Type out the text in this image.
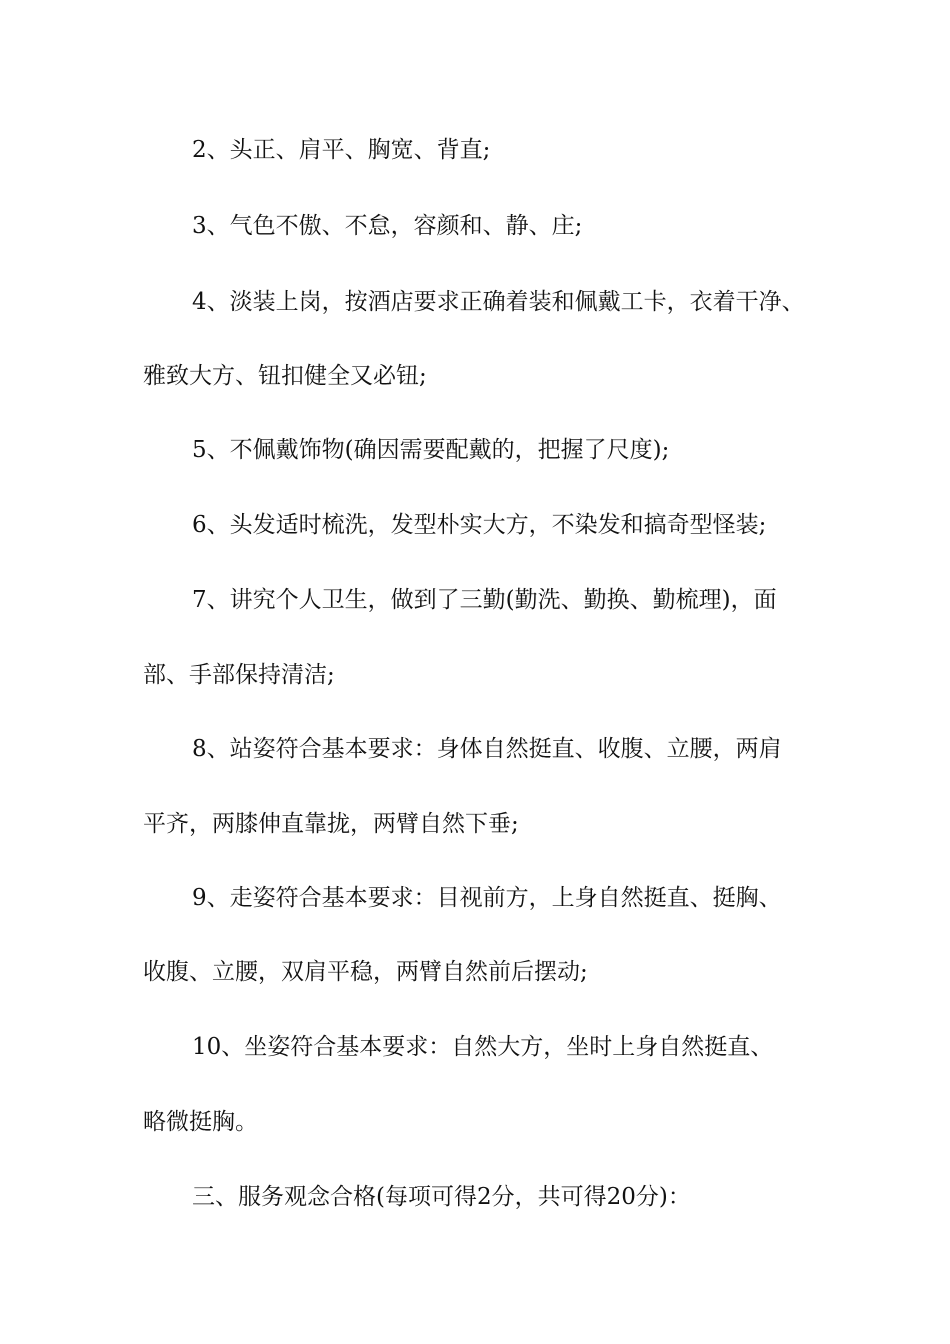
2、头正、肩平、胸宽、背直;
3、气色不傲、不怠，容颜和、静、庄;
4、淡装上岗，按酒店要求正确着装和佩戴工卡，衣着干净、
雅致大方、钮扣健全又必钮;
5、不佩戴饰物(确因需要配戴的，把握了尺度);
6、头发适时梳洗，发型朴实大方，不染发和搞奇型怪装;
7、讲究个人卫生，做到了三勤(勤洗、勤换、勤梳理)，面
部、手部保持清洁;
8、站姿符合基本要求：身体自然挺直、收腹、立腰，两肩
平齐，两膝伸直靠拢，两臂自然下垂;
9、走姿符合基本要求：目视前方，上身自然挺直、挺胸、
收腹、立腰，双肩平稳，两臂自然前后摆动;
10、坐姿符合基本要求：自然大方，坐时上身自然挺直、
略微挺胸。
三、服务观念合格(每项可得2分，共可得20分)：
